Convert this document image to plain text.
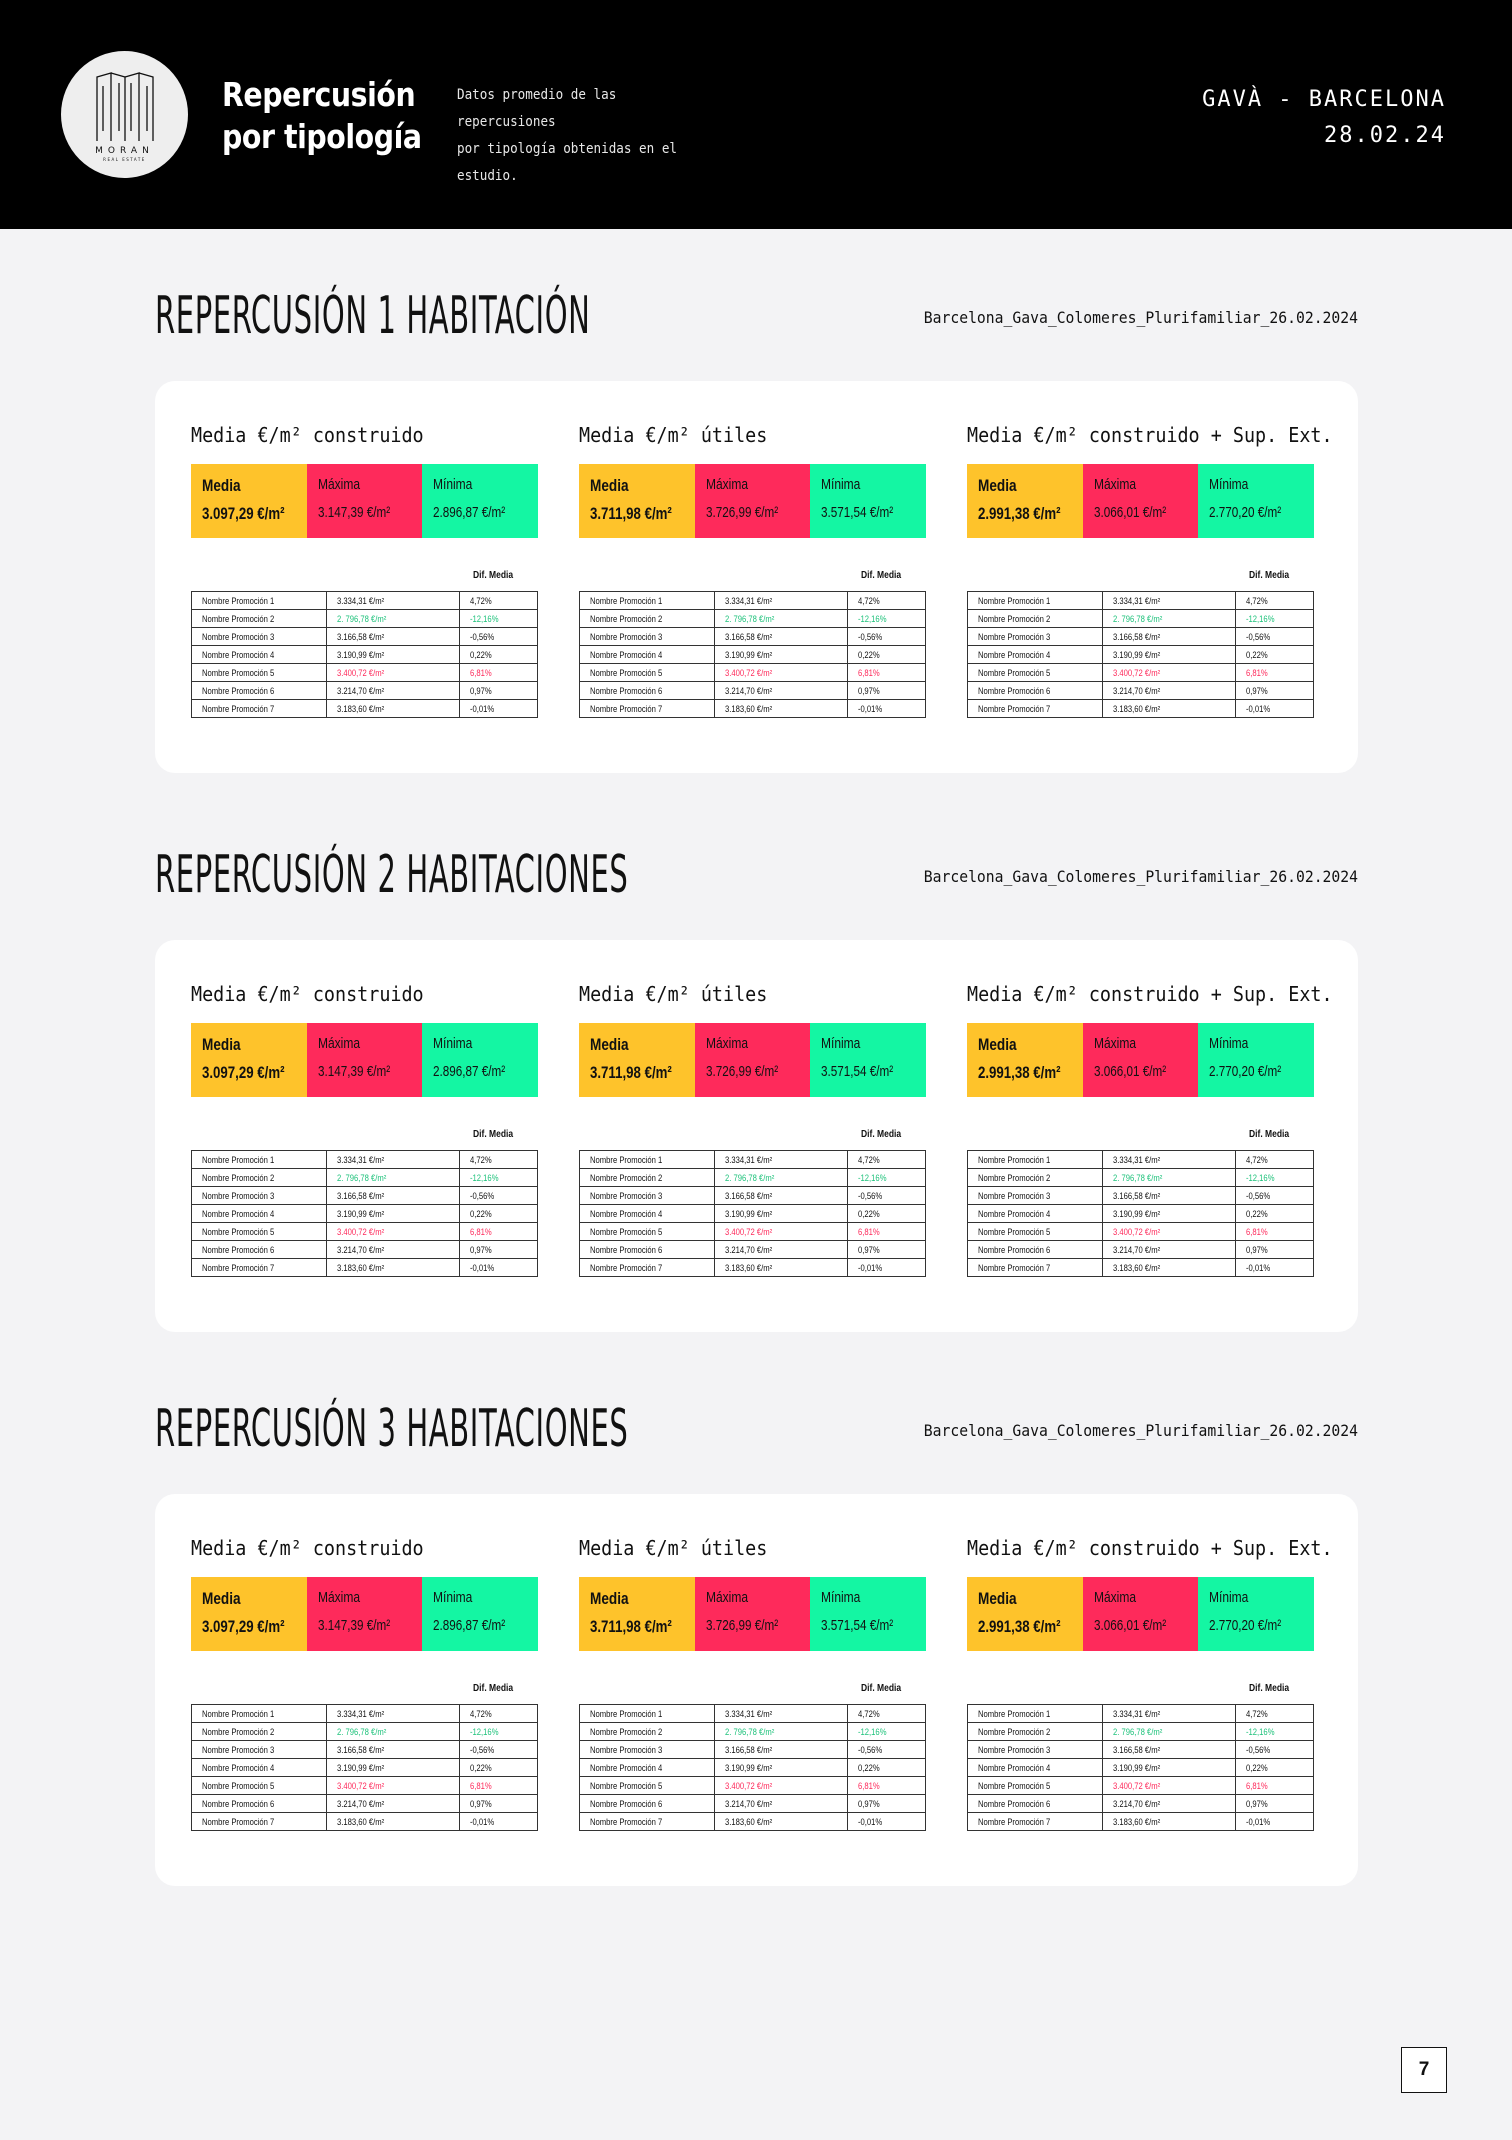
MORAN
REAL ESTATE
Repercusión
por tipología
Datos promedio de las repercusiones
por tipología obtenidas en el
estudio.
GAVÀ - BARCELONA
28.02.24
REPERCUSIÓN 1 HABITACIÓN	Barcelona_Gava_Colomeres_Plurifamiliar_26.02.2024
Media €/m² construido
Media
3.097,29 €/m²
Máxima
3.147,39 €/m²
Mínima
2.896,87 €/m²
Dif. Media
Nombre Promoción 1	3.334,31 €/m²	4,72%
Nombre Promoción 2	2. 796,78 €/m²	-12,16%
Nombre Promoción 3	3.166,58 €/m²	-0,56%
Nombre Promoción 4	3.190,99 €/m²	0,22%
Nombre Promoción 5	3.400,72 €/m²	6,81%
Nombre Promoción 6	3.214,70 €/m²	0,97%
Nombre Promoción 7	3.183,60 €/m²	-0,01%
Media €/m² útiles
Media
3.711,98 €/m²
Máxima
3.726,99 €/m²
Mínima
3.571,54 €/m²
Dif. Media
Nombre Promoción 1	3.334,31 €/m²	4,72%
Nombre Promoción 2	2. 796,78 €/m²	-12,16%
Nombre Promoción 3	3.166,58 €/m²	-0,56%
Nombre Promoción 4	3.190,99 €/m²	0,22%
Nombre Promoción 5	3.400,72 €/m²	6,81%
Nombre Promoción 6	3.214,70 €/m²	0,97%
Nombre Promoción 7	3.183,60 €/m²	-0,01%
Media €/m² construido + Sup. Ext.
Media
2.991,38 €/m²
Máxima
3.066,01 €/m²
Mínima
2.770,20 €/m²
Dif. Media
Nombre Promoción 1	3.334,31 €/m²	4,72%
Nombre Promoción 2	2. 796,78 €/m²	-12,16%
Nombre Promoción 3	3.166,58 €/m²	-0,56%
Nombre Promoción 4	3.190,99 €/m²	0,22%
Nombre Promoción 5	3.400,72 €/m²	6,81%
Nombre Promoción 6	3.214,70 €/m²	0,97%
Nombre Promoción 7	3.183,60 €/m²	-0,01%
REPERCUSIÓN 2 HABITACIONES	Barcelona_Gava_Colomeres_Plurifamiliar_26.02.2024
Media €/m² construido
Media
3.097,29 €/m²
Máxima
3.147,39 €/m²
Mínima
2.896,87 €/m²
Dif. Media
Nombre Promoción 1	3.334,31 €/m²	4,72%
Nombre Promoción 2	2. 796,78 €/m²	-12,16%
Nombre Promoción 3	3.166,58 €/m²	-0,56%
Nombre Promoción 4	3.190,99 €/m²	0,22%
Nombre Promoción 5	3.400,72 €/m²	6,81%
Nombre Promoción 6	3.214,70 €/m²	0,97%
Nombre Promoción 7	3.183,60 €/m²	-0,01%
Media €/m² útiles
Media
3.711,98 €/m²
Máxima
3.726,99 €/m²
Mínima
3.571,54 €/m²
Dif. Media
Nombre Promoción 1	3.334,31 €/m²	4,72%
Nombre Promoción 2	2. 796,78 €/m²	-12,16%
Nombre Promoción 3	3.166,58 €/m²	-0,56%
Nombre Promoción 4	3.190,99 €/m²	0,22%
Nombre Promoción 5	3.400,72 €/m²	6,81%
Nombre Promoción 6	3.214,70 €/m²	0,97%
Nombre Promoción 7	3.183,60 €/m²	-0,01%
Media €/m² construido + Sup. Ext.
Media
2.991,38 €/m²
Máxima
3.066,01 €/m²
Mínima
2.770,20 €/m²
Dif. Media
Nombre Promoción 1	3.334,31 €/m²	4,72%
Nombre Promoción 2	2. 796,78 €/m²	-12,16%
Nombre Promoción 3	3.166,58 €/m²	-0,56%
Nombre Promoción 4	3.190,99 €/m²	0,22%
Nombre Promoción 5	3.400,72 €/m²	6,81%
Nombre Promoción 6	3.214,70 €/m²	0,97%
Nombre Promoción 7	3.183,60 €/m²	-0,01%
REPERCUSIÓN 3 HABITACIONES	Barcelona_Gava_Colomeres_Plurifamiliar_26.02.2024
Media €/m² construido
Media
3.097,29 €/m²
Máxima
3.147,39 €/m²
Mínima
2.896,87 €/m²
Dif. Media
Nombre Promoción 1	3.334,31 €/m²	4,72%
Nombre Promoción 2	2. 796,78 €/m²	-12,16%
Nombre Promoción 3	3.166,58 €/m²	-0,56%
Nombre Promoción 4	3.190,99 €/m²	0,22%
Nombre Promoción 5	3.400,72 €/m²	6,81%
Nombre Promoción 6	3.214,70 €/m²	0,97%
Nombre Promoción 7	3.183,60 €/m²	-0,01%
Media €/m² útiles
Media
3.711,98 €/m²
Máxima
3.726,99 €/m²
Mínima
3.571,54 €/m²
Dif. Media
Nombre Promoción 1	3.334,31 €/m²	4,72%
Nombre Promoción 2	2. 796,78 €/m²	-12,16%
Nombre Promoción 3	3.166,58 €/m²	-0,56%
Nombre Promoción 4	3.190,99 €/m²	0,22%
Nombre Promoción 5	3.400,72 €/m²	6,81%
Nombre Promoción 6	3.214,70 €/m²	0,97%
Nombre Promoción 7	3.183,60 €/m²	-0,01%
Media €/m² construido + Sup. Ext.
Media
2.991,38 €/m²
Máxima
3.066,01 €/m²
Mínima
2.770,20 €/m²
Dif. Media
Nombre Promoción 1	3.334,31 €/m²	4,72%
Nombre Promoción 2	2. 796,78 €/m²	-12,16%
Nombre Promoción 3	3.166,58 €/m²	-0,56%
Nombre Promoción 4	3.190,99 €/m²	0,22%
Nombre Promoción 5	3.400,72 €/m²	6,81%
Nombre Promoción 6	3.214,70 €/m²	0,97%
Nombre Promoción 7	3.183,60 €/m²	-0,01%
7
